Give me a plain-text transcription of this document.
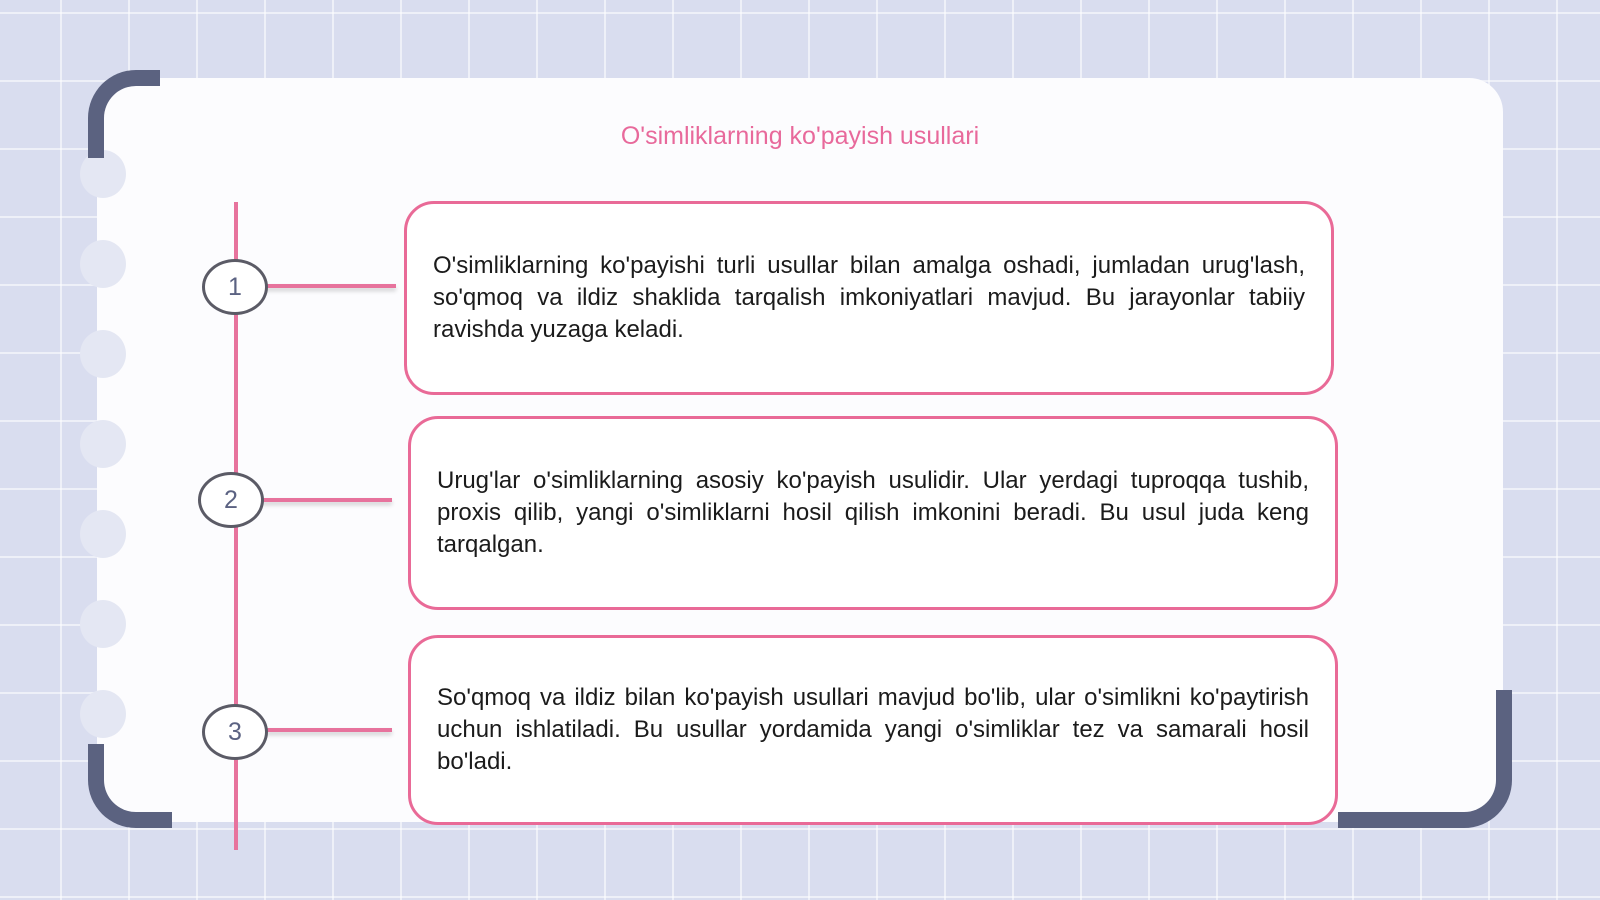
O'simliklarning ko'payish usullari
1
2
3

O'simliklarning ko'payishi turli usullar bilan amalga oshadi, jumladan urug'lash, so'qmoq va ildiz shaklida tarqalish imkoniyatlari mavjud. Bu jarayonlar tabiiy ravishda yuzaga keladi.

Urug'lar o'simliklarning asosiy ko'payish usulidir. Ular yerdagi tuproqqa tushib, proxis qilib, yangi o'simliklarni hosil qilish imkonini beradi. Bu usul juda keng tarqalgan.

So'qmoq va ildiz bilan ko'payish usullari mavjud bo'lib, ular o'simlikni ko'paytirish uchun ishlatiladi. Bu usullar yordamida yangi o'simliklar tez va samarali hosil bo'ladi.
